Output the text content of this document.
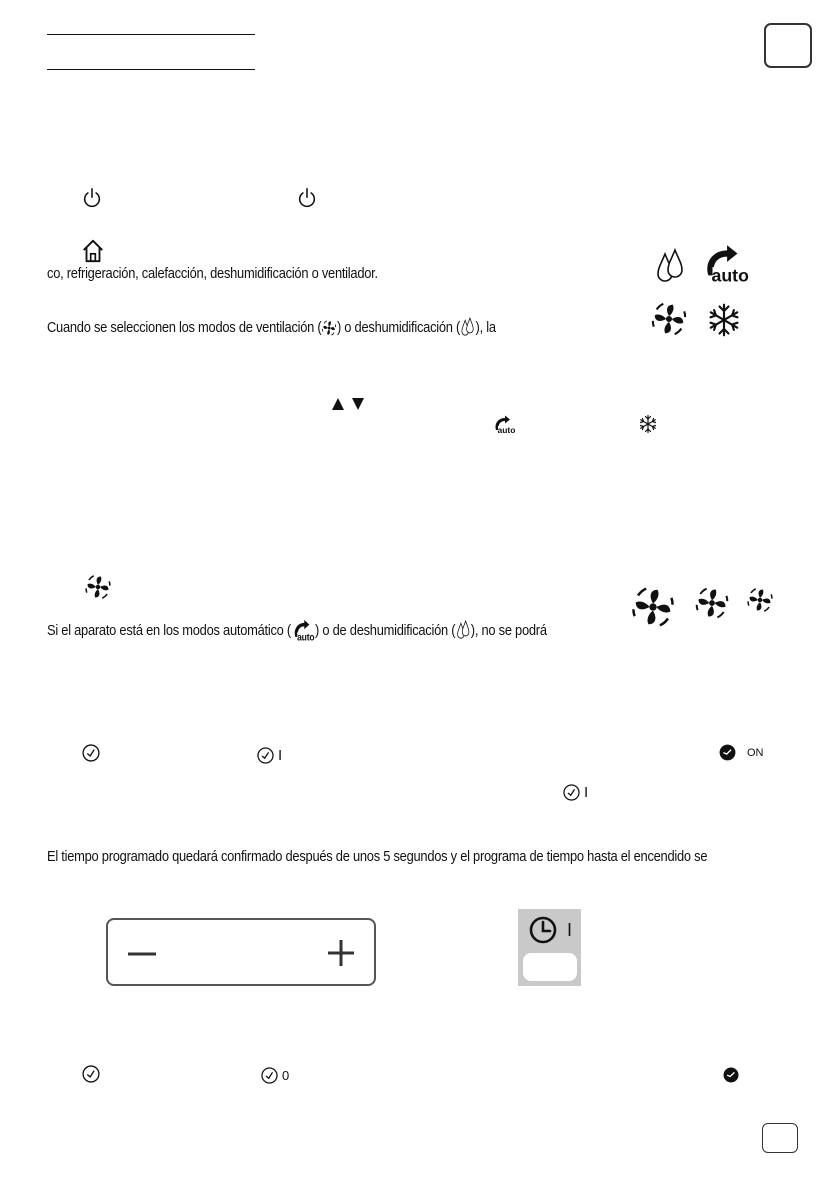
co, refrigeración, calefacción, deshumidificación o ventilador.
Cuando se seleccionen los modos de ventilación ( ) o deshumidificación ( ), la
Si el aparato está en los modos automático ( ) o de deshumidificación ( ), no se podrá
I	ON
I
El tiempo programado quedará confirmado después de unos 5 segundos y el programa de tiempo hasta el encendido se
I
0
